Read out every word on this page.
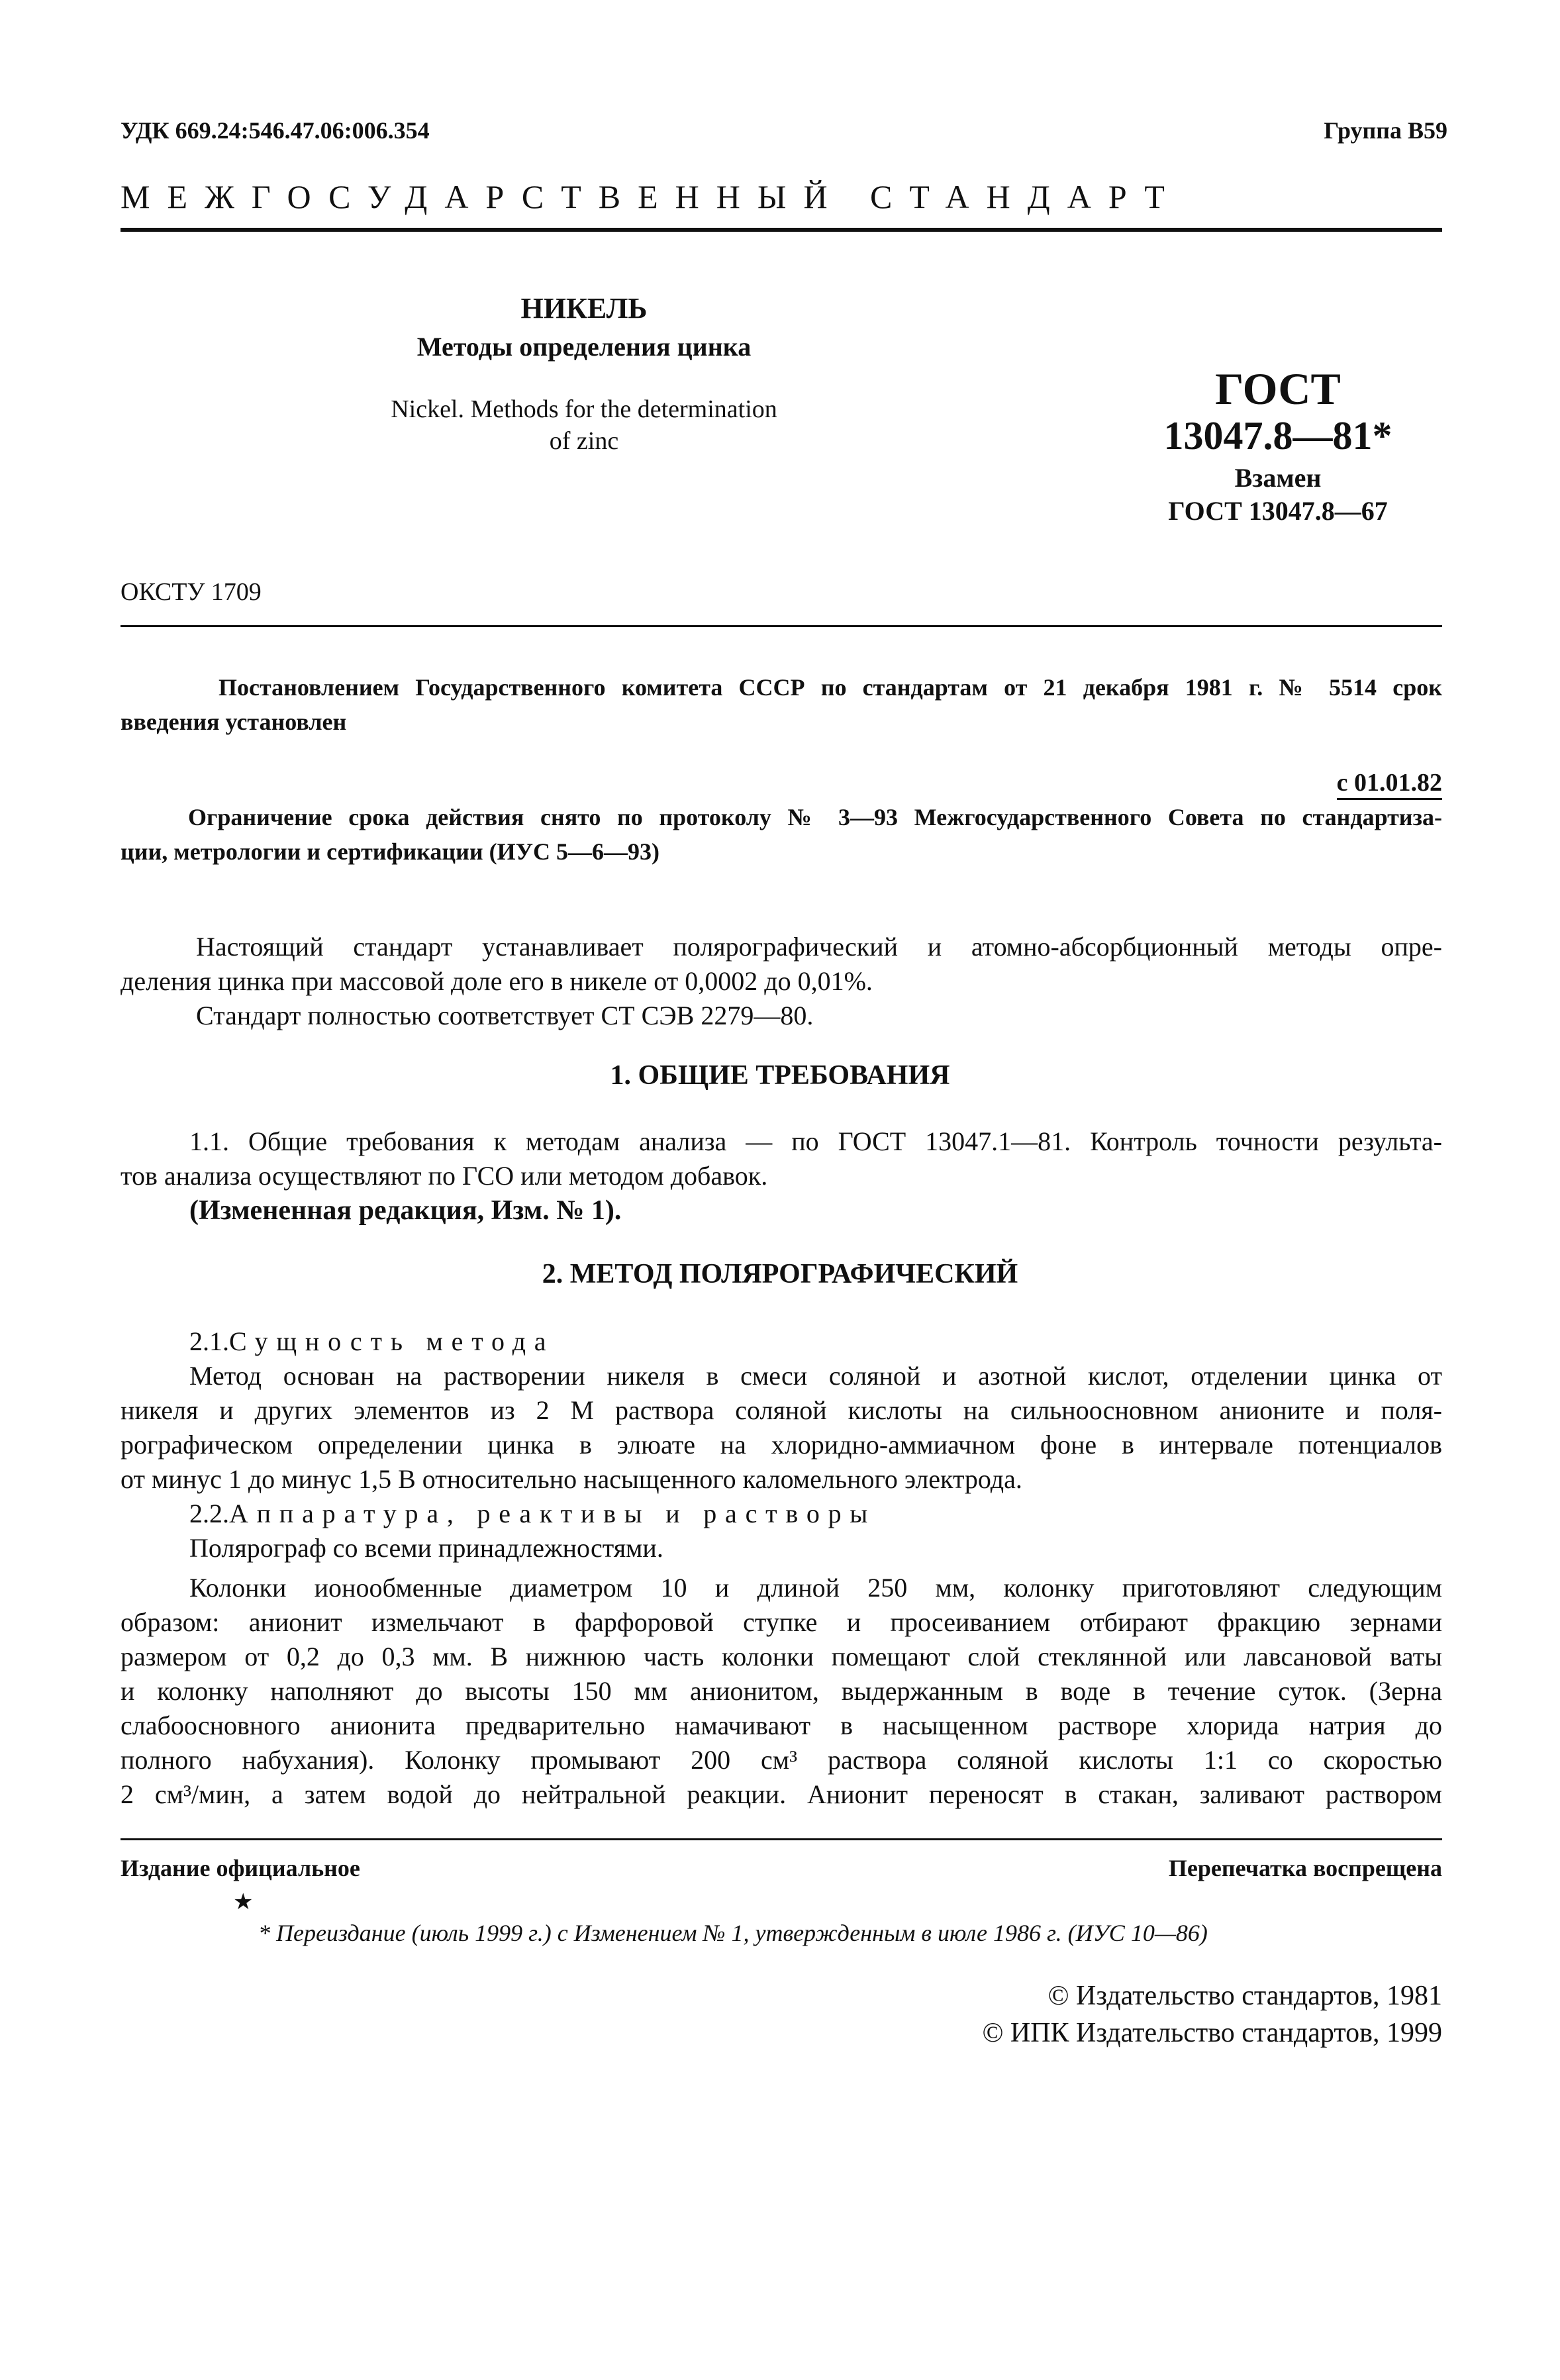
УДК 669.24:546.47.06:006.354	Группа В59
МЕЖГОСУДАРСТВЕННЫЙ СТАНДАРТ
НИКЕЛЬ
Методы определения цинка
Nickel. Methods for the determination
of zinc
ГОСТ
13047.8—81*
Взамен
ГОСТ 13047.8—67
ОКСТУ 1709
Постановлением Государственного комитета СССР по стандартам от 21 декабря 1981 г. № 5514 срок
введения установлен
с 01.01.82
Ограничение срока действия снято по протоколу № 3—93 Межгосударственного Совета по стандартиза-
ции, метрологии и сертификации (ИУС 5—6—93)
Настоящий стандарт устанавливает полярографический и атомно-абсорбционный методы опре-
деления цинка при массовой доле его в никеле от 0,0002 до 0,01%.
Стандарт полностью соответствует СТ СЭВ 2279—80.
1. ОБЩИЕ ТРЕБОВАНИЯ
1.1. Общие требования к методам анализа — по ГОСТ 13047.1—81. Контроль точности результа-
тов анализа осуществляют по ГСО или методом добавок.
(Измененная редакция, Изм. № 1).
2. МЕТОД ПОЛЯРОГРАФИЧЕСКИЙ
2.1.Сущность метода
Метод основан на растворении никеля в смеси соляной и азотной кислот, отделении цинка от
никеля и других элементов из 2 М раствора соляной кислоты на сильноосновном анионите и поля-
рографическом определении цинка в элюате на хлоридно-аммиачном фоне в интервале потенциалов
от минус 1 до минус 1,5 В относительно насыщенного каломельного электрода.
2.2.Аппаратура, реактивы и растворы
Полярограф со всеми принадлежностями.
Колонки ионообменные диаметром 10 и длиной 250 мм, колонку приготовляют следующим
образом: анионит измельчают в фарфоровой ступке и просеиванием отбирают фракцию зернами
размером от 0,2 до 0,3 мм. В нижнюю часть колонки помещают слой стеклянной или лавсановой ваты
и колонку наполняют до высоты 150 мм анионитом, выдержанным в воде в течение суток. (Зерна
слабоосновного анионита предварительно намачивают в насыщенном растворе хлорида натрия до
полного набухания). Колонку промывают 200 см³ раствора соляной кислоты 1:1 со скоростью
2 см³/мин, а затем водой до нейтральной реакции. Анионит переносят в стакан, заливают раствором
Издание официальное	Перепечатка воспрещена
★
* Переиздание (июль 1999 г.) с Изменением № 1, утвержденным в июле 1986 г. (ИУС 10—86)
© Издательство стандартов, 1981
© ИПК Издательство стандартов, 1999
